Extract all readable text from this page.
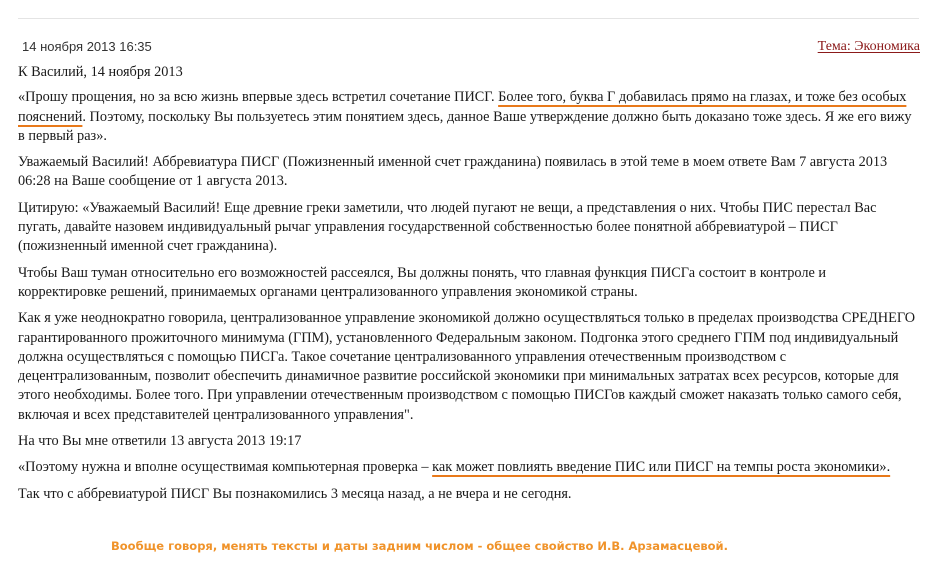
14 ноября 2013 16:35	Тема: Экономика

К Василий, 14 ноября 2013

«Прошу прощения, но за всю жизнь впервые здесь встретил сочетание ПИСГ. Более того, буква Г добавилась прямо на глазах, и тоже без особых пояснений. Поэтому, поскольку Вы пользуетесь этим понятием здесь, данное Ваше утверждение должно быть доказано тоже здесь. Я же его вижу в первый раз».

Уважаемый Василий! Аббревиатура ПИСГ (Пожизненный именной счет гражданина) появилась в этой теме в моем ответе Вам 7 августа 2013 06:28 на Ваше сообщение от 1 августа 2013.

Цитирую: «Уважаемый Василий! Еще древние греки заметили, что людей пугают не вещи, а представления о них. Чтобы ПИС перестал Вас пугать, давайте назовем индивидуальный рычаг управления государственной собственностью более понятной аббревиатурой – ПИСГ (пожизненный именной счет гражданина).

Чтобы Ваш туман относительно его возможностей рассеялся, Вы должны понять, что главная функция ПИСГа состоит в контроле и корректировке решений, принимаемых органами централизованного управления экономикой страны.

Как я уже неоднократно говорила, централизованное управление экономикой должно осуществляться только в пределах производства СРЕДНЕГО гарантированного прожиточного минимума (ГПМ), установленного Федеральным законом. Подгонка этого среднего ГПМ под индивидуальный должна осуществляться с помощью ПИСГа. Такое сочетание централизованного управления отечественным производством с децентрализованным, позволит обеспечить динамичное развитие российской экономики при минимальных затратах всех ресурсов, которые для этого необходимы. Более того. При управлении отечественным производством с помощью ПИСГов каждый сможет наказать только самого себя, включая и всех представителей централизованного управления".

На что Вы мне ответили 13 августа 2013 19:17

«Поэтому нужна и вполне осуществимая компьютерная проверка – как может повлиять введение ПИС или ПИСГ на темпы роста экономики».

Так что с аббревиатурой ПИСГ Вы познакомились 3 месяца назад, а не вчера и не сегодня.

Вообще говоря, менять тексты и даты задним числом - общее свойство И.В. Арзамасцевой.
